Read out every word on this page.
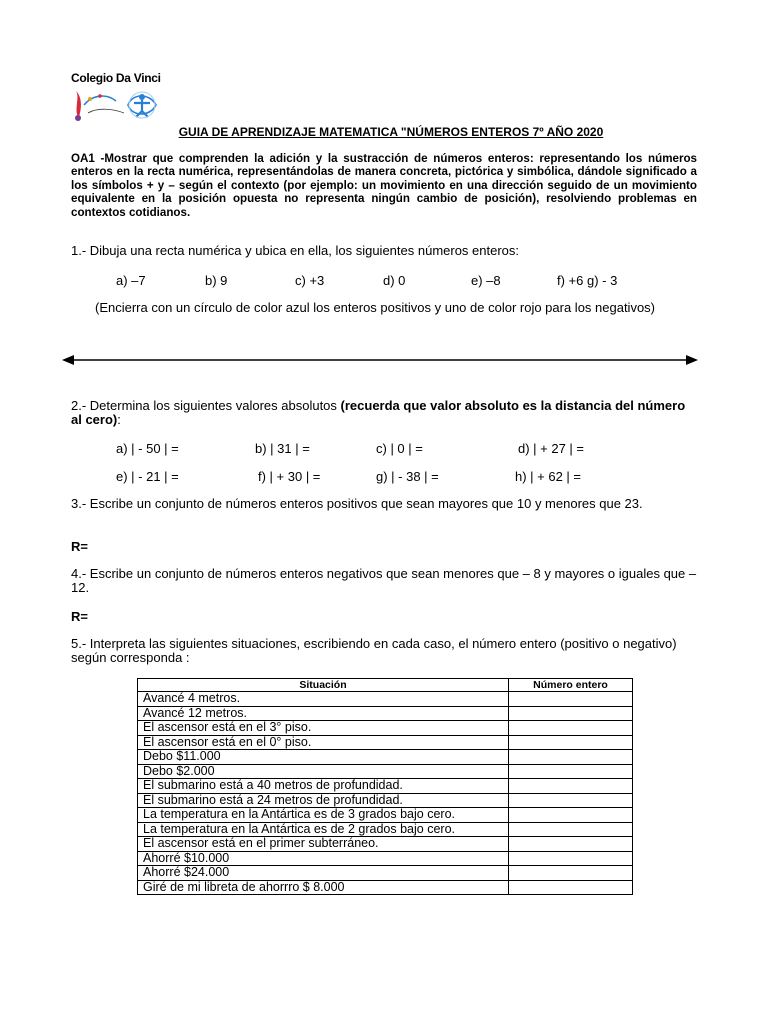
Colegio Da Vinci
GUIA DE APRENDIZAJE MATEMATICA "NÚMEROS ENTEROS 7º AÑO 2020
OA1 -Mostrar que comprenden la adición y la sustracción de números enteros: representando los números enteros en la recta numérica, representándolas de manera concreta, pictórica y simbólica, dándole significado a los símbolos + y – según el contexto (por ejemplo: un movimiento en una dirección seguido de un movimiento equivalente en la posición opuesta no representa ningún cambio de posición), resolviendo problemas en contextos cotidianos.
1.- Dibuja una recta numérica y ubica en ella, los siguientes números enteros:
a) –7	b) 9	c) +3	d) 0	e) –8	f) +6 g) - 3
(Encierra con un círculo de color azul los enteros positivos y uno de color rojo para los negativos)
2.- Determina los siguientes valores absolutos (recuerda que valor absoluto es la distancia del número al cero):
a) | - 50 | =	b) | 31 | =	c) | 0 | =	d) | + 27 | =
e) | - 21 | =	f) | + 30 | =	g) | - 38 | =	h) | + 62 | =
3.- Escribe un conjunto de números enteros positivos que sean mayores que 10 y menores que 23.
R=
4.- Escribe un conjunto de números enteros negativos que sean menores que – 8 y mayores o iguales que – 12.
R=
5.- Interpreta las siguientes situaciones, escribiendo en cada caso, el número entero (positivo o negativo) según corresponda :
Situación	Número entero
Avancé 4 metros.	
Avancé 12 metros.	
El ascensor está en el 3° piso.	
El ascensor está en el 0° piso.	
Debo $11.000	
Debo $2.000	
El submarino está a 40 metros de profundidad.	
El submarino está a 24 metros de profundidad.	
La temperatura en la Antártica es de 3 grados bajo cero.	
La temperatura en la Antártica es de 2 grados bajo cero.	
El ascensor está en el primer subterráneo.	
Ahorré $10.000	
Ahorré $24.000	
Giré de mi libreta de ahorrro $ 8.000	
